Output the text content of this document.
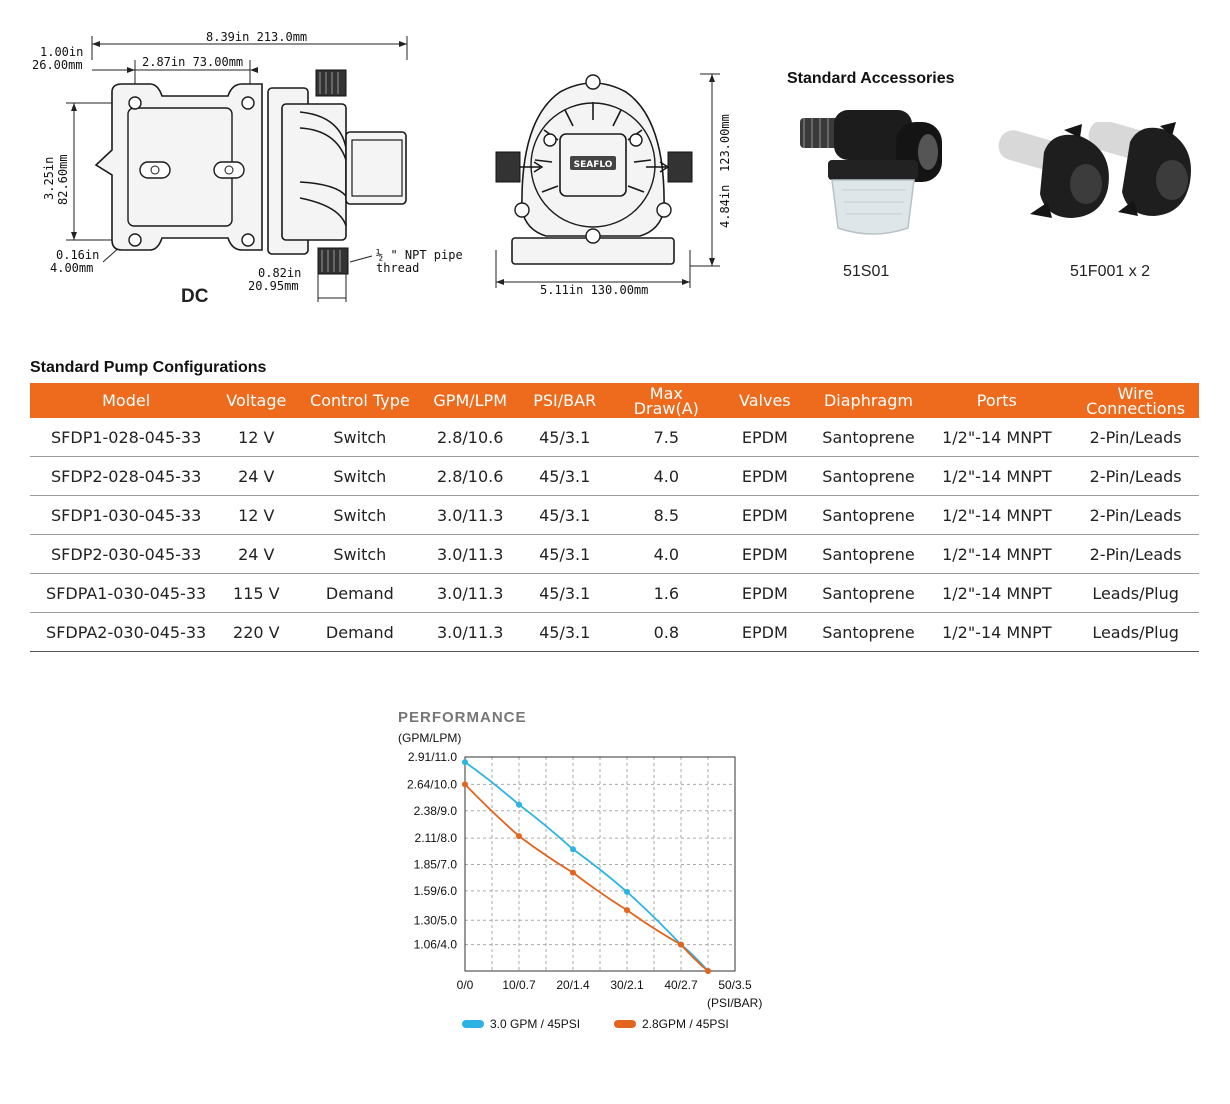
8.39in 213.0mm
1.00in
26.00mm	2.87in 73.00mm
3.25in 82.60mm
0.16in
4.00mm	0.82in
20.95mm
½ " NPT pipe
thread
DC
SEAFLO
4.84in
123.00mm
5.11in 130.00mm
Standard Accessories
51S01	51F001 x 2
Standard Pump Configurations
Model	Voltage	Control Type	GPM/LPM	PSI/BAR	Max Draw(A)	Valves	Diaphragm	Ports	Wire Connections
SFDP1-028-045-33	12 V	Switch	2.8/10.6	45/3.1	7.5	EPDM	Santoprene	1/2"-14 MNPT	2-Pin/Leads
SFDP2-028-045-33	24 V	Switch	2.8/10.6	45/3.1	4.0	EPDM	Santoprene	1/2"-14 MNPT	2-Pin/Leads
SFDP1-030-045-33	12 V	Switch	3.0/11.3	45/3.1	8.5	EPDM	Santoprene	1/2"-14 MNPT	2-Pin/Leads
SFDP2-030-045-33	24 V	Switch	3.0/11.3	45/3.1	4.0	EPDM	Santoprene	1/2"-14 MNPT	2-Pin/Leads
SFDPA1-030-045-33	115 V	Demand	3.0/11.3	45/3.1	1.6	EPDM	Santoprene	1/2"-14 MNPT	Leads/Plug
SFDPA2-030-045-33	220 V	Demand	3.0/11.3	45/3.1	0.8	EPDM	Santoprene	1/2"-14 MNPT	Leads/Plug
PERFORMANCE
(GPM/LPM)
(PSI/BAR)
2.91/11.0
2.64/10.0
2.38/9.0
2.11/8.0
1.85/7.0
1.59/6.0
1.30/5.0
1.06/4.0
0/0 10/0.7 20/1.4 30/2.1 40/2.7 50/3.5
3.0 GPM / 45PSI	2.8GPM / 45PSI
